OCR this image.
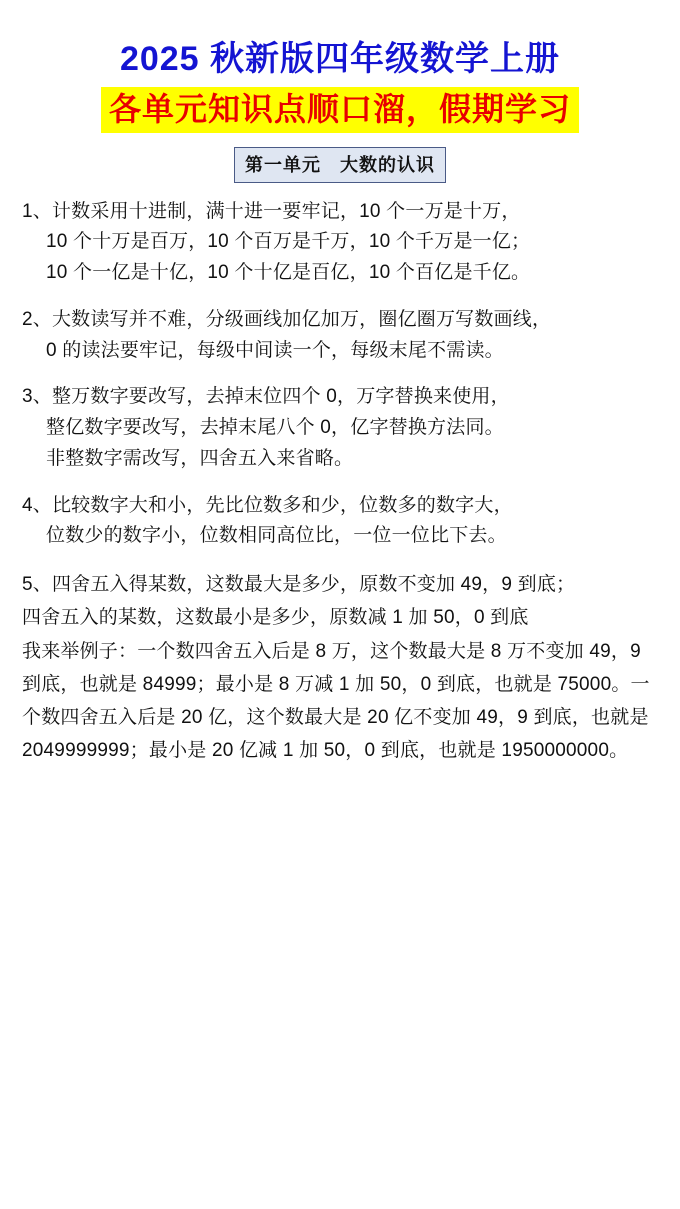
2025 秋新版四年级数学上册
各单元知识点顺口溜，假期学习
第一单元　大数的认识
1、计数采用十进制，满十进一要牢记，10 个一万是十万，
10 个十万是百万，10 个百万是千万，10 个千万是一亿；
10 个一亿是十亿，10 个十亿是百亿，10 个百亿是千亿。
2、大数读写并不难，分级画线加亿加万，圈亿圈万写数画线，
0 的读法要牢记，每级中间读一个，每级末尾不需读。
3、整万数字要改写，去掉末位四个 0，万字替换来使用，
整亿数字要改写，去掉末尾八个 0，亿字替换方法同。
非整数字需改写，四舍五入来省略。
4、比较数字大和小，先比位数多和少，位数多的数字大，
位数少的数字小，位数相同高位比，一位一位比下去。
5、四舍五入得某数，这数最大是多少，原数不变加 49，9 到底；
四舍五入的某数，这数最小是多少，原数减 1 加 50，0 到底
我来举例子：一个数四舍五入后是 8 万，这个数最大是 8 万不变加 49，9 到底，也就是 84999；最小是 8 万减 1 加 50，0 到底，也就是 75000。一个数四舍五入后是 20 亿，这个数最大是 20 亿不变加 49，9 到底，也就是 2049999999；最小是 20 亿减 1 加 50，0 到底，也就是 1950000000。
